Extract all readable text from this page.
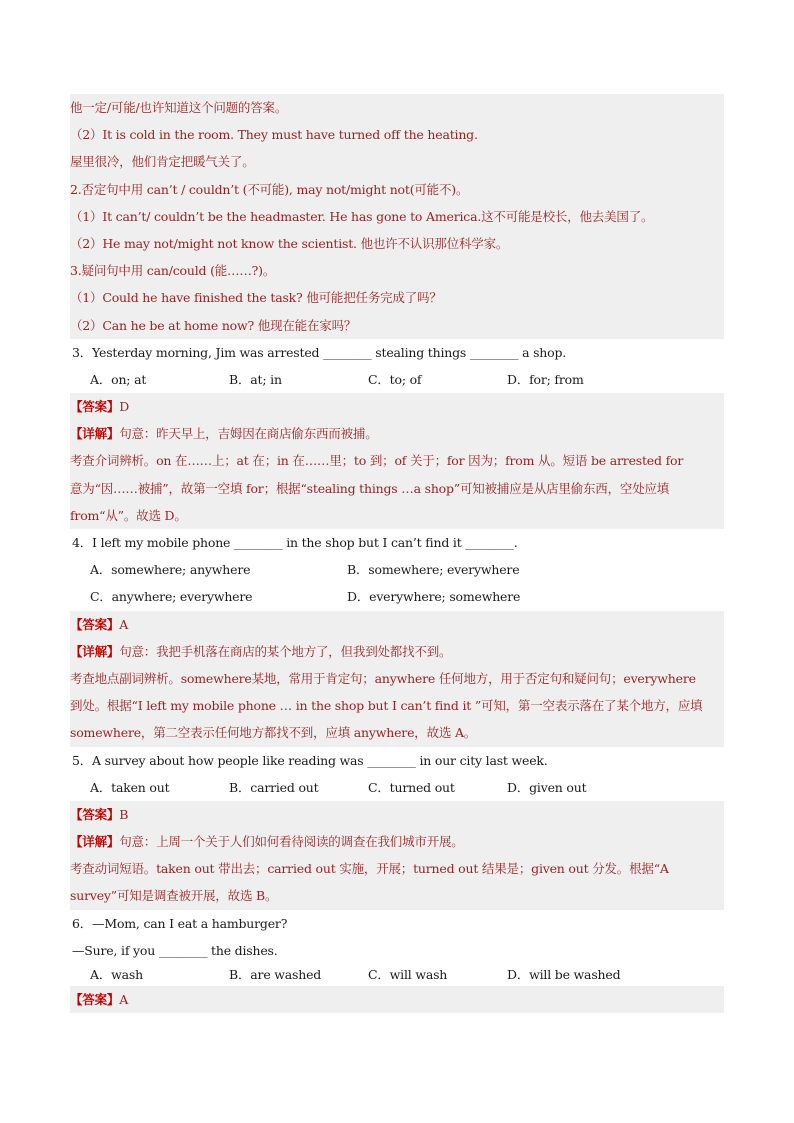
他一定/可能/也许知道这个问题的答案。
（2）It is cold in the room. They must have turned off the heating.
屋里很冷，他们肯定把暖气关了。
2.否定句中用 can’t / couldn’t (不可能), may not/might not(可能不)。
（1）It can’t/ couldn’t be the headmaster. He has gone to America.这不可能是校长，他去美国了。
（2）He may not/might not know the scientist. 他也许不认识那位科学家。
3.疑问句中用 can/could (能……?)。
（1）Could he have finished the task? 他可能把任务完成了吗？
（2）Can he be at home now? 他现在能在家吗？
3．Yesterday morning, Jim was arrested ________ stealing things ________ a shop.
A．on; at	B．at; in	C．to; of	D．for; from
【答案】D
【详解】句意：昨天早上，吉姆因在商店偷东西而被捕。
考查介词辨析。on 在……上；at 在；in 在……里；to 到；of 关于；for 因为；from 从。短语 be arrested for
意为“因……被捕”，故第一空填 for；根据“stealing things …a shop”可知被捕应是从店里偷东西，空处应填
from“从”。故选 D。
4．I left my mobile phone ________ in the shop but I can’t find it ________.
A．somewhere; anywhere	B．somewhere; everywhere
C．anywhere; everywhere	D．everywhere; somewhere
【答案】A
【详解】句意：我把手机落在商店的某个地方了，但我到处都找不到。
考查地点副词辨析。somewhere某地，常用于肯定句；anywhere 任何地方，用于否定句和疑问句；everywhere
到处。根据“I left my mobile phone … in the shop but I can’t find it ”可知，第一空表示落在了某个地方，应填
somewhere，第二空表示任何地方都找不到，应填 anywhere，故选 A。
5．A survey about how people like reading was ________ in our city last week.
A．taken out	B．carried out	C．turned out	D．given out
【答案】B
【详解】句意：上周一个关于人们如何看待阅读的调查在我们城市开展。
考查动词短语。taken out 带出去；carried out 实施，开展；turned out 结果是；given out 分发。根据“A
survey”可知是调查被开展，故选 B。
6．—Mom, can I eat a hamburger?
—Sure, if you ________ the dishes.
A．wash	B．are washed	C．will wash	D．will be washed
【答案】A
